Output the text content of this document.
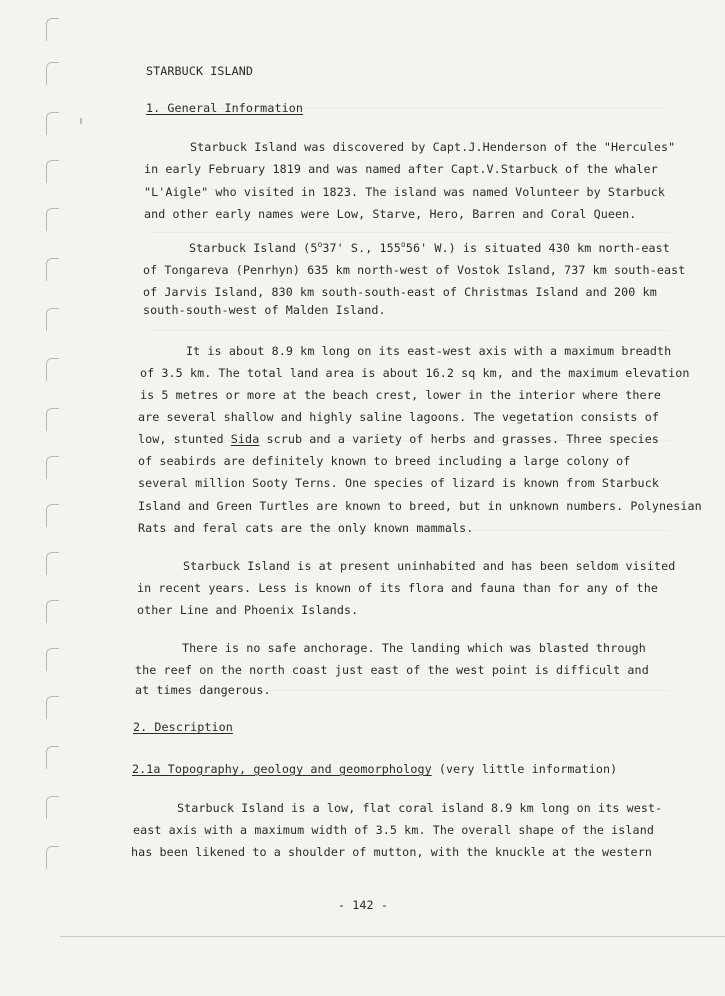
STARBUCK ISLAND
1. General Information
Starbuck Island was discovered by Capt.J.Henderson of the "Hercules"
in early February 1819 and was named after Capt.V.Starbuck of the whaler
"L'Aigle" who visited in 1823. The island was named Volunteer by Starbuck
and other early names were Low, Starve, Hero, Barren and Coral Queen.
Starbuck Island (5$^o$37' S., 155$^o$56' W.) is situated 430 km north-east
of Tongareva (Penrhyn) 635 km north-west of Vostok Island, 737 km south-east
of Jarvis Island, 830 km south-south-east of Christmas Island and 200 km
south-south-west of Malden Island.
It is about 8.9 km long on its east-west axis with a maximum breadth
of 3.5 km. The total land area is about 16.2 sq km, and the maximum elevation
is 5 metres or more at the beach crest, lower in the interior where there
are several shallow and highly saline lagoons. The vegetation consists of
low, stunted Sida scrub and a variety of herbs and grasses. Three species
of seabirds are definitely known to breed including a large colony of
several million Sooty Terns. One species of lizard is known from Starbuck
Island and Green Turtles are known to breed, but in unknown numbers. Polynesian
Rats and feral cats are the only known mammals.
Starbuck Island is at present uninhabited and has been seldom visited
in recent years. Less is known of its flora and fauna than for any of the
other Line and Phoenix Islands.
There is no safe anchorage. The landing which was blasted through
the reef on the north coast just east of the west point is difficult and
at times dangerous.
2. Description
2.1a Topography, geology and geomorphology (very little information)
Starbuck Island is a low, flat coral island 8.9 km long on its west-
east axis with a maximum width of 3.5 km. The overall shape of the island
has been likened to a shoulder of mutton, with the knuckle at the western
- 142 -
